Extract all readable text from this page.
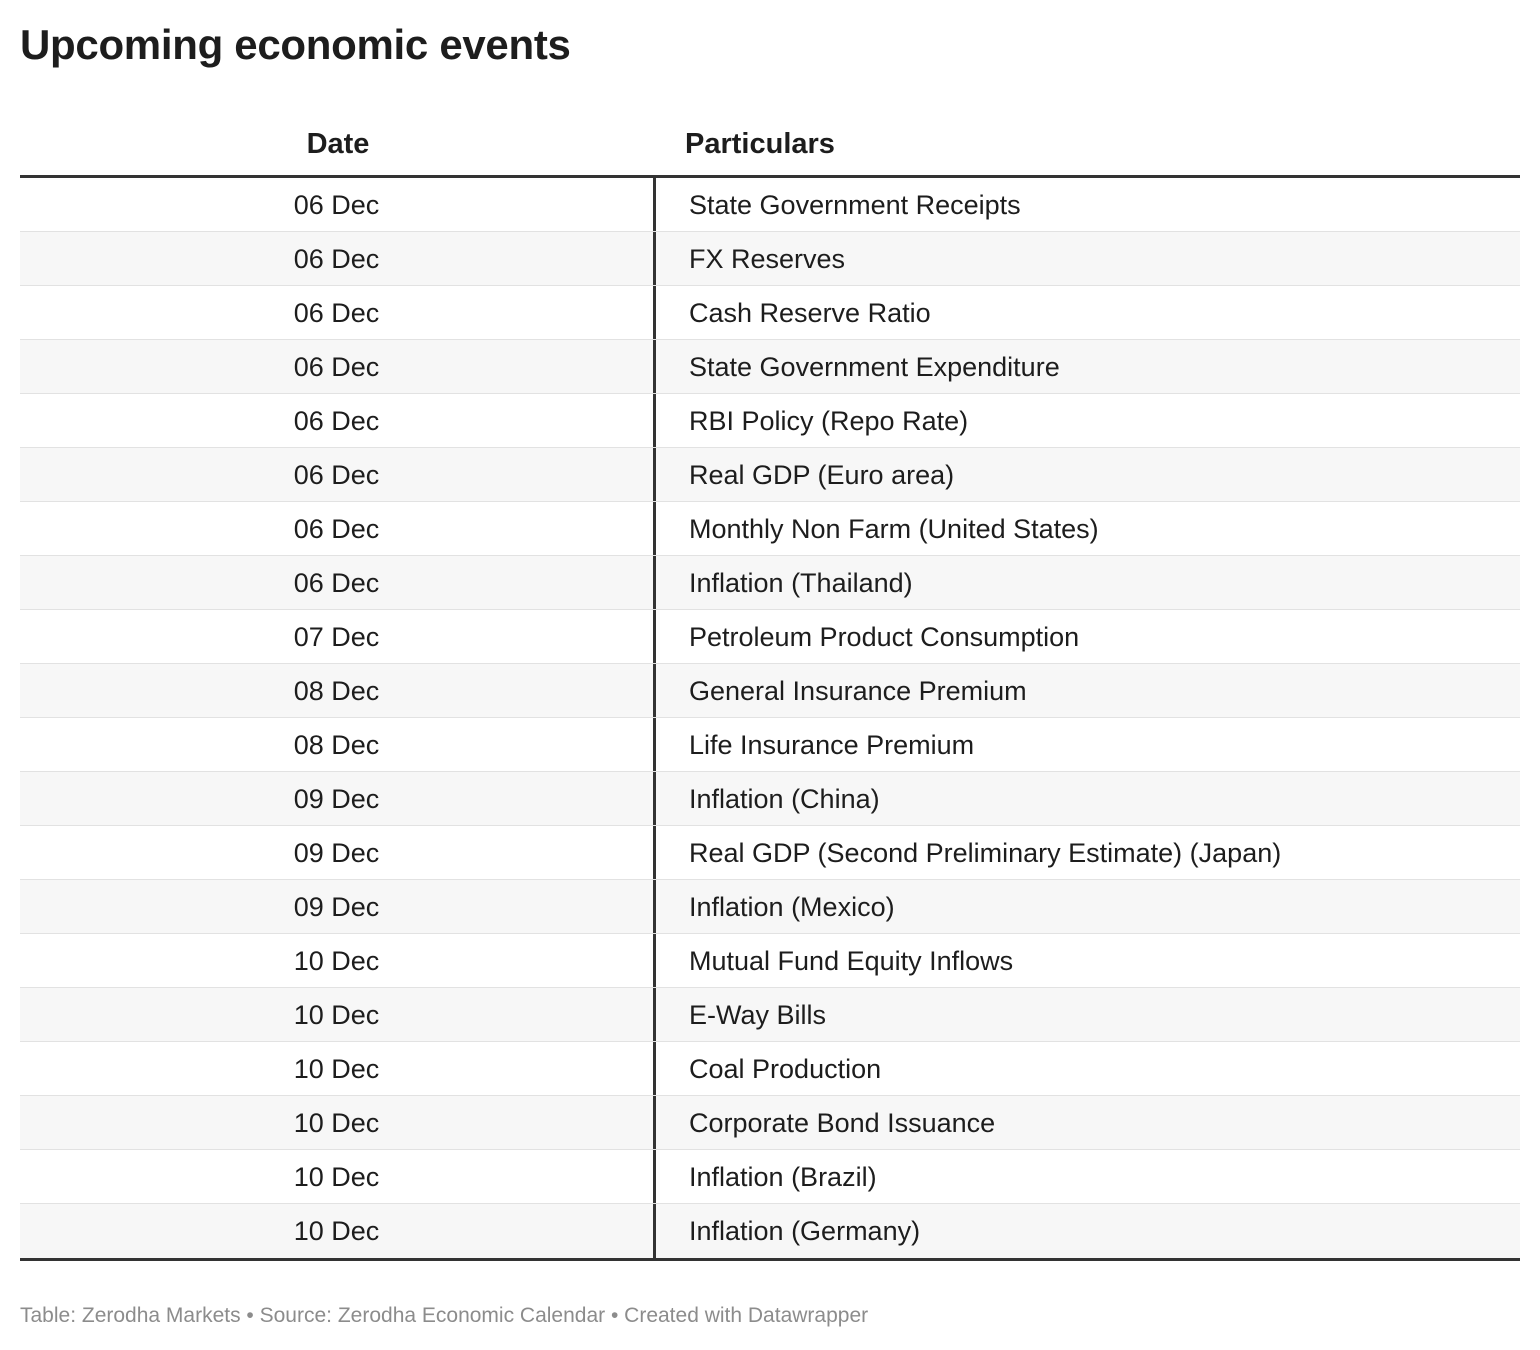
Upcoming economic events
Date	Particulars
06 Dec	State Government Receipts
06 Dec	FX Reserves
06 Dec	Cash Reserve Ratio
06 Dec	State Government Expenditure
06 Dec	RBI Policy (Repo Rate)
06 Dec	Real GDP (Euro area)
06 Dec	Monthly Non Farm (United States)
06 Dec	Inflation (Thailand)
07 Dec	Petroleum Product Consumption
08 Dec	General Insurance Premium
08 Dec	Life Insurance Premium
09 Dec	Inflation (China)
09 Dec	Real GDP (Second Preliminary Estimate) (Japan)
09 Dec	Inflation (Mexico)
10 Dec	Mutual Fund Equity Inflows
10 Dec	E-Way Bills
10 Dec	Coal Production
10 Dec	Corporate Bond Issuance
10 Dec	Inflation (Brazil)
10 Dec	Inflation (Germany)
Table: Zerodha Markets • Source: Zerodha Economic Calendar • Created with Datawrapper
